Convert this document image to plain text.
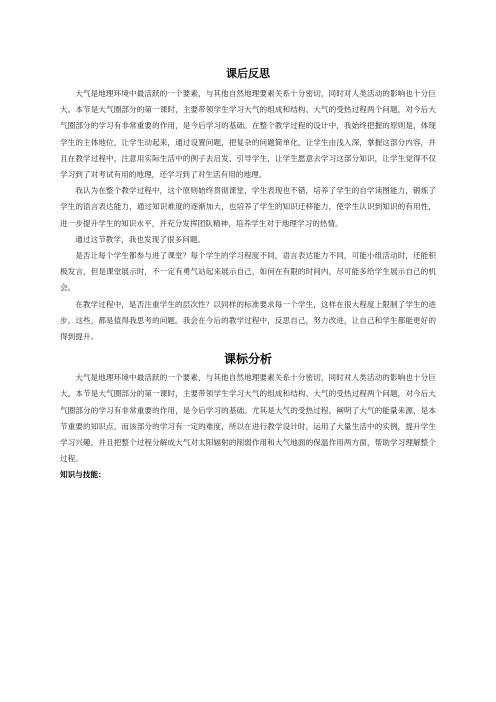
课后反思

大气是地理环境中最活跃的一个要素，与其他自然地理要素关系十分密切，同时对人类活动的影响也十分巨大。本节是大气圈部分的第一课时，主要带领学生学习大气的组成和结构、大气的受热过程两个问题，对今后大气圈部分的学习有非常重要的作用，是今后学习的基础。在整个教学过程的设计中，我始终把握的原则是，体现学生的主体地位，让学生动起来，通过设置问题，把复杂的问题简单化，让学生由浅入深，掌握这部分内容，并且在教学过程中，注意用实际生活中的例子去启发、引导学生，让学生愿意去学习这部分知识，让学生觉得不仅学习到了对考试有用的地理，还学习到了对生活有用的地理。

我认为在整个教学过程中，这个原则始终贯彻课堂，学生表现也不错，培养了学生的自学读图能力，锻炼了学生的语言表达能力，通过知识难度的逐渐加大，也培养了学生的知识迁移能力，使学生认识到知识的有用性，进一步提升学生的知识水平，并充分发挥团队精神，培养学生对于地理学习的热情。

通过这节教学，我也发现了很多问题。

是否让每个学生都参与进了课堂？每个学生的学习程度不同，语言表达能力不同，可能小组活动时，还能积极发言，但是课堂展示时，不一定有勇气站起来展示自己，如何在有限的时间内，尽可能多给学生展示自己的机会。

在教学过程中，是否注重学生的层次性？以同样的标准要求每一个学生，这样在很大程度上限制了学生的进步。这些，都是值得我思考的问题。我会在今后的教学过程中，反思自己，努力改进，让自己和学生都能更好的得到提升。

课标分析

大气是地理环境中最活跃的一个要素，与其他自然地理要素关系十分密切，同时对人类活动的影响也十分巨大。本节是大气圈部分的第一课时，主要带领学生学习大气的组成和结构、大气的受热过程两个问题，对今后大气圈部分的学习有非常重要的作用，是今后学习的基础。尤其是大气的受热过程，阐明了大气的能量来源，是本节重要的知识点，而该部分的学习有一定的难度，所以在进行教学设计时，运用了大量生活中的实例，提升学生学习兴趣，并且把整个过程分解成大气对太阳辐射的削弱作用和大气地面的保温作用两方面，帮助学习理解整个过程。

知识与技能：
